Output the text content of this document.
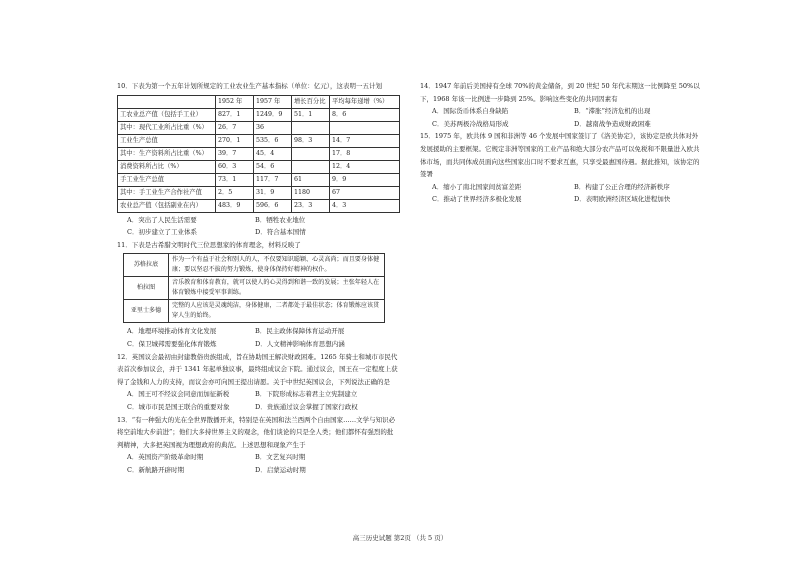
10．下表为第一个五年计划所规定的工业农业生产基本指标（单位：亿元），这表明一五计划

	1952 年	1957 年	增长百分比	平均每年递增（%）
工农业总产值（包括手工业）	827．1	1249．9	51．1	8．6
其中：现代工业所占比重（%）	26．7	36		
工业生产总值	270．1	535．6	98．3	14．7
其中：生产资料所占比重（%）	39．7	45．4		17．8
消费资料所占比（%）	60．3	54．6		12．4
手工业生产总值	73．1	117．7	61	9．9
其中：手工业生产合作社产值	2．5	31．9	1180	67
农业总产值（包括副业在内）	483．9	596．6	23．3	4．3
A．突出了人民生活需要	B．牺牲农业地位
C．初步建立了工业体系	D．符合基本国情

11．下表是古希腊文明时代三位思想家的体育理念，材料反映了

苏格拉底	作为一个有益于社会和别人的人，不仅要知识聪颖、心灵高尚；而且要身体健康；要以坚忍不拔的努力锻炼，使身体保持好精神的权仆。
柏拉图	音乐教育和体育教育，就可以使人的心灵得到和谐一致的发展；主张年轻人在体育锻炼中接受军事训练。
亚里士多德	完整的人应该是灵魂纯洁，身体健康，二者都处于最佳状态；体育锻炼应该贯穿人生的始终。
A．地理环境推动体育文化发展	B．民主政体保障体育运动开展
C．保卫城邦需要强化体育锻炼	D．人文精神影响体育思想内涵

12．英国议会最初由封建教俗贵族组成，旨在协助国王解决财政困难。1265 年骑士和城市市民代表首次参加议会，并于 1341 年起单独议事，最终组成议会下院。通过议会，国王在一定程度上获得了金钱和人力的支持，而议会亦可向国王提出请愿。关于中世纪英国议会，下列说法正确的是

A．国王可不经议会同意而加征新税	B．下院形成标志着君主立宪制建立
C．城市市民是国王联合的重要对象	D．贵族通过议会掌握了国家行政权

13．“有一种强大的光在全世界散播开来，特别是在英国和法兰西两个自由国家……文学与知识必将空前地大步前进”；他们大多持世界主义的观念，他们谈论的只是全人类；他们都怀有强烈的批判精神，大多把英国视为理想政府的典范。上述思想和现象产生于

A．英国资产阶级革命时期	B．文艺复兴时期
C．新航路开辟时期	D．启蒙运动时期

14．1947 年前后美国持有全球 70%的黄金储备，到 20 世纪 50 年代末期这一比例降至 50%以下，1968 年该一比例进一步降到 25%。影响这些变化的共同因素有

A．国际货币体系自身缺陷	B．“滞胀”经济危机的出现
C．美苏两极冷战格局形成	D．越南战争造成财政困难

15．1975 年，欧共体 9 国和非洲等 46 个发展中国家签订了《洛美协定》，该协定是欧共体对外发展援助的主要框架。它规定非洲等国家的工业产品和绝大部分农产品可以免税和不限量进入欧共体市场，而共同体成员面向这些国家出口时不要求互惠，只享受最惠国待遇。据此推知，该协定的签署

A．缩小了南北国家间贫富差距	B．构建了公正合理的经济新秩序
C．推动了世界经济多极化发展	D．表明欧洲经济区域化进程加快
高三历史试题 第2页 （共 5 页）
